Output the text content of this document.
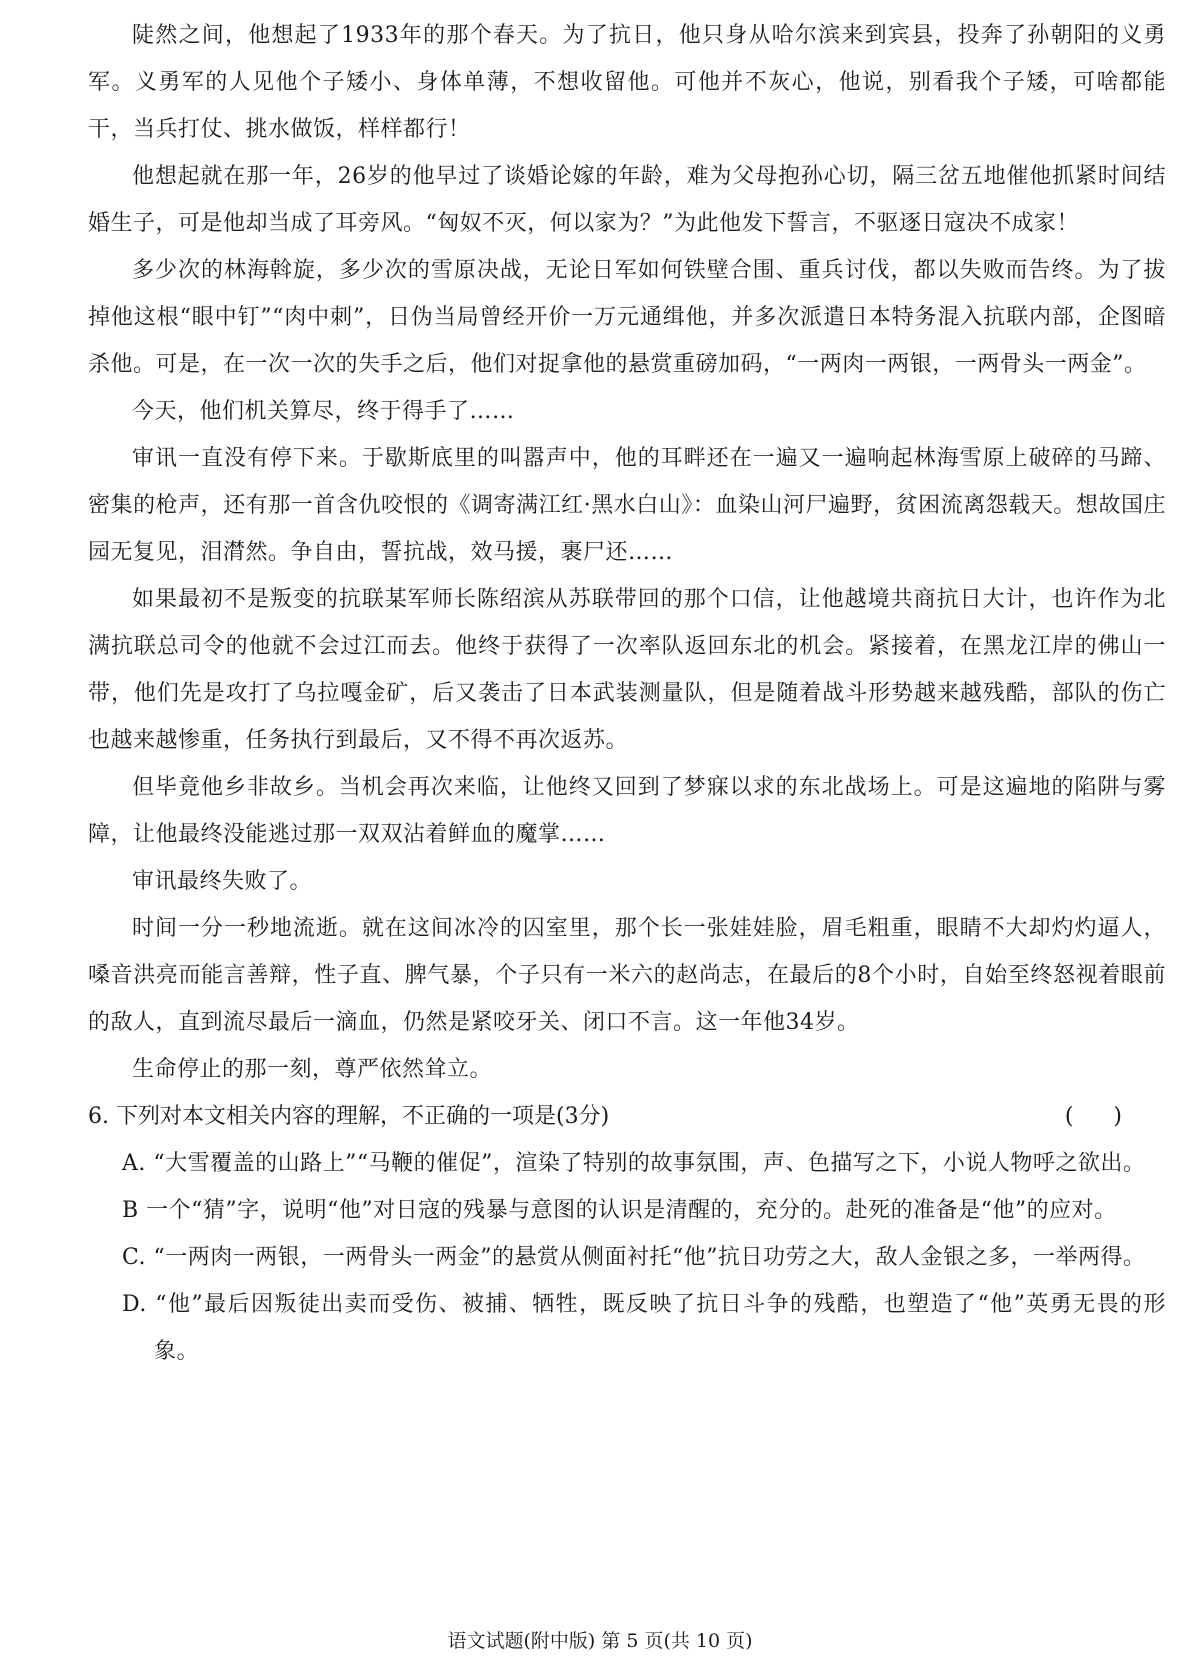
陡然之间，他想起了1933年的那个春天。为了抗日，他只身从哈尔滨来到宾县，投奔了孙朝阳的义勇军。义勇军的人见他个子矮小、身体单薄，不想收留他。可他并不灰心，他说，别看我个子矮，可啥都能干，当兵打仗、挑水做饭，样样都行！

他想起就在那一年，26岁的他早过了谈婚论嫁的年龄，难为父母抱孙心切，隔三岔五地催他抓紧时间结婚生子，可是他却当成了耳旁风。“匈奴不灭，何以家为？”为此他发下誓言，不驱逐日寇决不成家！

多少次的林海斡旋，多少次的雪原决战，无论日军如何铁壁合围、重兵讨伐，都以失败而告终。为了拔掉他这根“眼中钉”“肉中刺”，日伪当局曾经开价一万元通缉他，并多次派遣日本特务混入抗联内部，企图暗杀他。可是，在一次一次的失手之后，他们对捉拿他的悬赏重磅加码，“一两肉一两银，一两骨头一两金”。

今天，他们机关算尽，终于得手了……

审讯一直没有停下来。于歇斯底里的叫嚣声中，他的耳畔还在一遍又一遍响起林海雪原上破碎的马蹄、密集的枪声，还有那一首含仇咬恨的《调寄满江红·黑水白山》：血染山河尸遍野，贫困流离怨载天。想故国庄园无复见，泪潸然。争自由，誓抗战，效马援，裹尸还……

如果最初不是叛变的抗联某军师长陈绍滨从苏联带回的那个口信，让他越境共商抗日大计，也许作为北满抗联总司令的他就不会过江而去。他终于获得了一次率队返回东北的机会。紧接着，在黑龙江岸的佛山一带，他们先是攻打了乌拉嘎金矿，后又袭击了日本武装测量队，但是随着战斗形势越来越残酷，部队的伤亡也越来越惨重，任务执行到最后，又不得不再次返苏。

但毕竟他乡非故乡。当机会再次来临，让他终又回到了梦寐以求的东北战场上。可是这遍地的陷阱与雾障，让他最终没能逃过那一双双沾着鲜血的魔掌……

审讯最终失败了。

时间一分一秒地流逝。就在这间冰冷的囚室里，那个长一张娃娃脸，眉毛粗重，眼睛不大却灼灼逼人，嗓音洪亮而能言善辩，性子直、脾气暴，个子只有一米六的赵尚志，在最后的8个小时，自始至终怒视着眼前的敌人，直到流尽最后一滴血，仍然是紧咬牙关、闭口不言。这一年他34岁。

生命停止的那一刻，尊严依然耸立。

6. 下列对本文相关内容的理解，不正确的一项是(3分)	()

A. “大雪覆盖的山路上”“马鞭的催促”，渲染了特别的故事氛围，声、色描写之下，小说人物呼之欲出。

B 一个“猜”字，说明“他”对日寇的残暴与意图的认识是清醒的，充分的。赴死的准备是“他”的应对。

C. “一两肉一两银，一两骨头一两金”的悬赏从侧面衬托“他”抗日功劳之大，敌人金银之多，一举两得。

D. “他”最后因叛徒出卖而受伤、被捕、牺牲，既反映了抗日斗争的残酷，也塑造了“他”英勇无畏的形象。

语文试题(附中版) 第 5 页(共 10 页)
